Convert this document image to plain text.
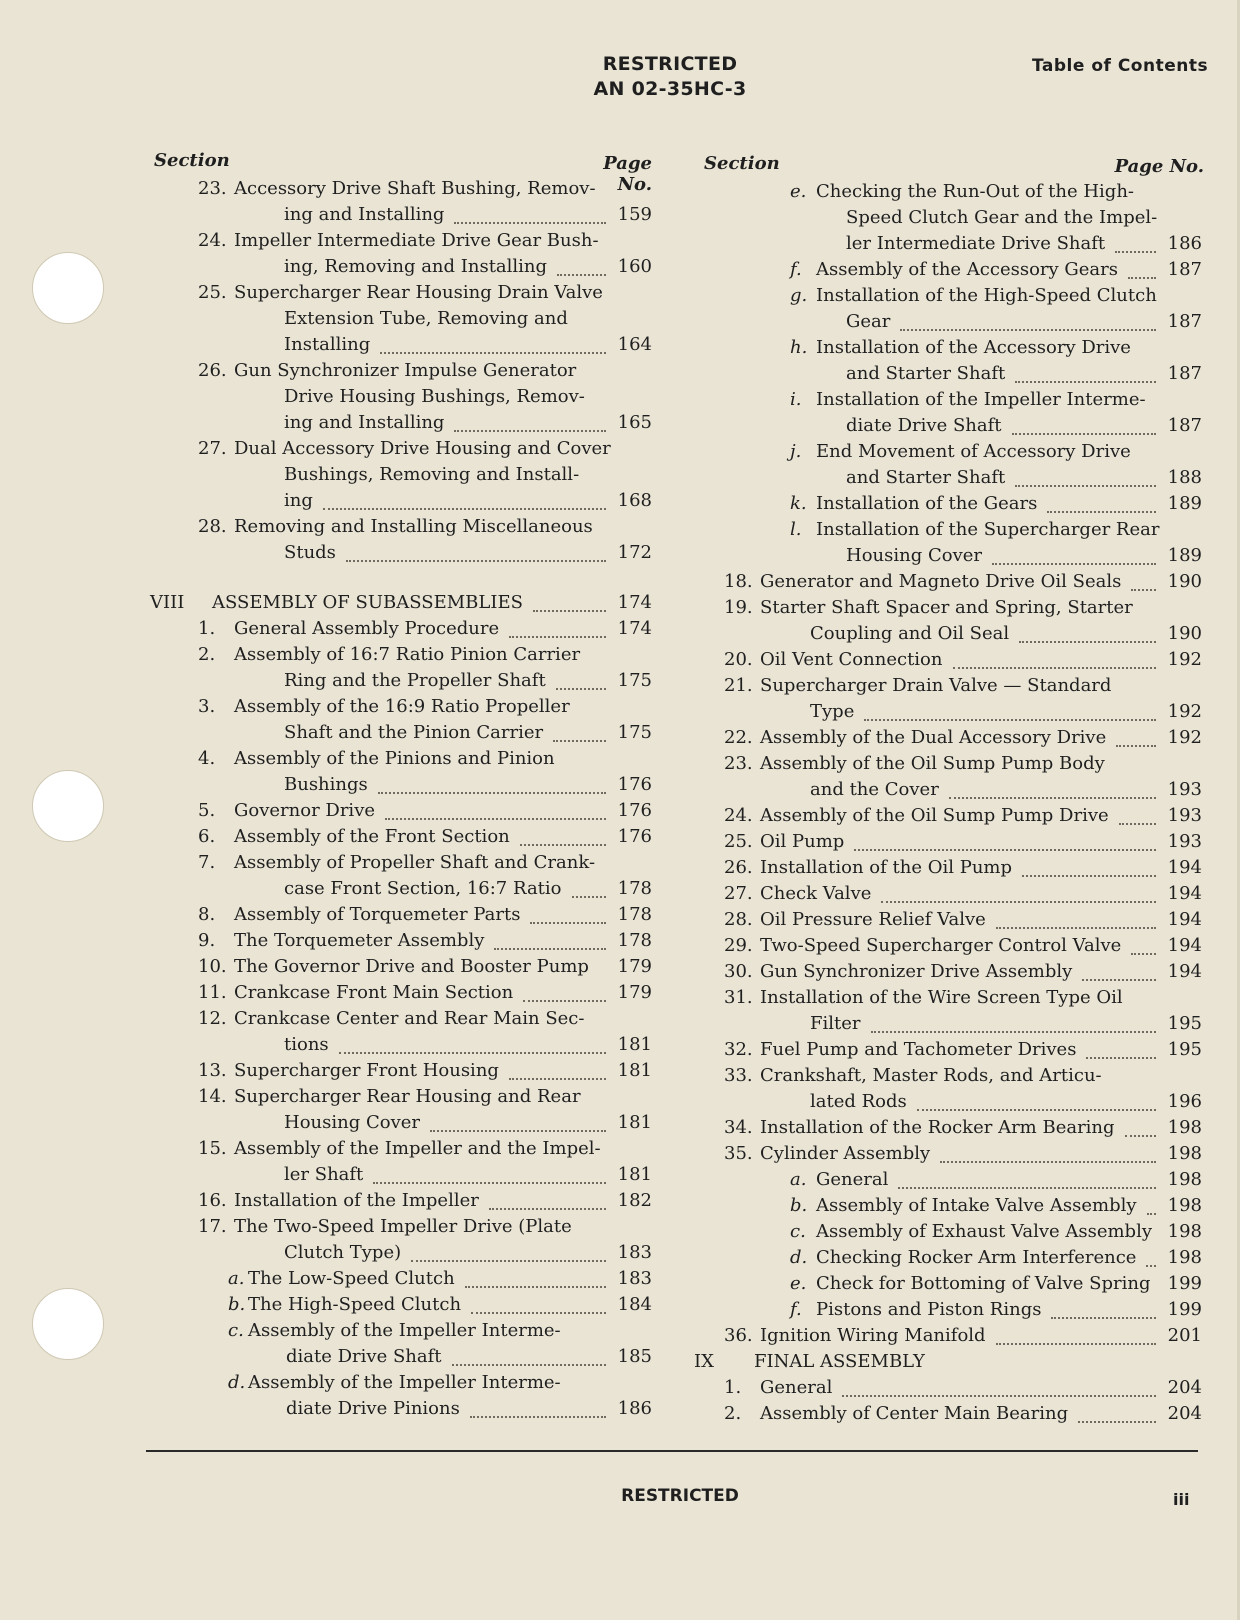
RESTRICTED
AN 02-35HC-3
Table of Contents
Section	Page No.
Section	Page No.
23. Accessory Drive Shaft Bushing, Remov-
ing and Installing	159
24. Impeller Intermediate Drive Gear Bush-
ing, Removing and Installing	160
25. Supercharger Rear Housing Drain Valve
Extension Tube, Removing and
Installing	164
26. Gun Synchronizer Impulse Generator
Drive Housing Bushings, Remov-
ing and Installing	165
27. Dual Accessory Drive Housing and Cover
Bushings, Removing and Install-
ing	168
28. Removing and Installing Miscellaneous
Studs	172
VIII ASSEMBLY OF SUBASSEMBLIES	174
1. General Assembly Procedure	174
2. Assembly of 16:7 Ratio Pinion Carrier
Ring and the Propeller Shaft	175
3. Assembly of the 16:9 Ratio Propeller
Shaft and the Pinion Carrier	175
4. Assembly of the Pinions and Pinion
Bushings	176
5. Governor Drive	176
6. Assembly of the Front Section	176
7. Assembly of Propeller Shaft and Crank-
case Front Section, 16:7 Ratio	178
8. Assembly of Torquemeter Parts	178
9. The Torquemeter Assembly	178
10. The Governor Drive and Booster Pump 179
11. Crankcase Front Main Section	179
12. Crankcase Center and Rear Main Sec-
tions	181
13. Supercharger Front Housing	181
14. Supercharger Rear Housing and Rear
Housing Cover	181
15. Assembly of the Impeller and the Impel-
ler Shaft	181
16. Installation of the Impeller	182
17. The Two-Speed Impeller Drive (Plate
Clutch Type)	183
a. The Low-Speed Clutch	183
b. The High-Speed Clutch	184
c. Assembly of the Impeller Interme-
diate Drive Shaft	185
d. Assembly of the Impeller Interme-
diate Drive Pinions	186
e. Checking the Run-Out of the High-
Speed Clutch Gear and the Impel-
ler Intermediate Drive Shaft	186
f. Assembly of the Accessory Gears	187
g. Installation of the High-Speed Clutch
Gear	187
h. Installation of the Accessory Drive
and Starter Shaft	187
i. Installation of the Impeller Interme-
diate Drive Shaft	187
j. End Movement of Accessory Drive
and Starter Shaft	188
k. Installation of the Gears	189
l. Installation of the Supercharger Rear
Housing Cover	189
18. Generator and Magneto Drive Oil Seals	190
19. Starter Shaft Spacer and Spring, Starter
Coupling and Oil Seal	190
20. Oil Vent Connection	192
21. Supercharger Drain Valve — Standard
Type	192
22. Assembly of the Dual Accessory Drive	192
23. Assembly of the Oil Sump Pump Body
and the Cover	193
24. Assembly of the Oil Sump Pump Drive	193
25. Oil Pump	193
26. Installation of the Oil Pump	194
27. Check Valve	194
28. Oil Pressure Relief Valve	194
29. Two-Speed Supercharger Control Valve	194
30. Gun Synchronizer Drive Assembly	194
31. Installation of the Wire Screen Type Oil
Filter	195
32. Fuel Pump and Tachometer Drives	195
33. Crankshaft, Master Rods, and Articu-
lated Rods	196
34. Installation of the Rocker Arm Bearing	198
35. Cylinder Assembly	198
a. General	198
b. Assembly of Intake Valve Assembly 198
c. Assembly of Exhaust Valve Assembly 198
d. Checking Rocker Arm Interference 198
e. Check for Bottoming of Valve Spring 199
f. Pistons and Piston Rings	199
36. Ignition Wiring Manifold	201
IX FINAL ASSEMBLY
1. General	204
2. Assembly of Center Main Bearing	204
RESTRICTED	iii
